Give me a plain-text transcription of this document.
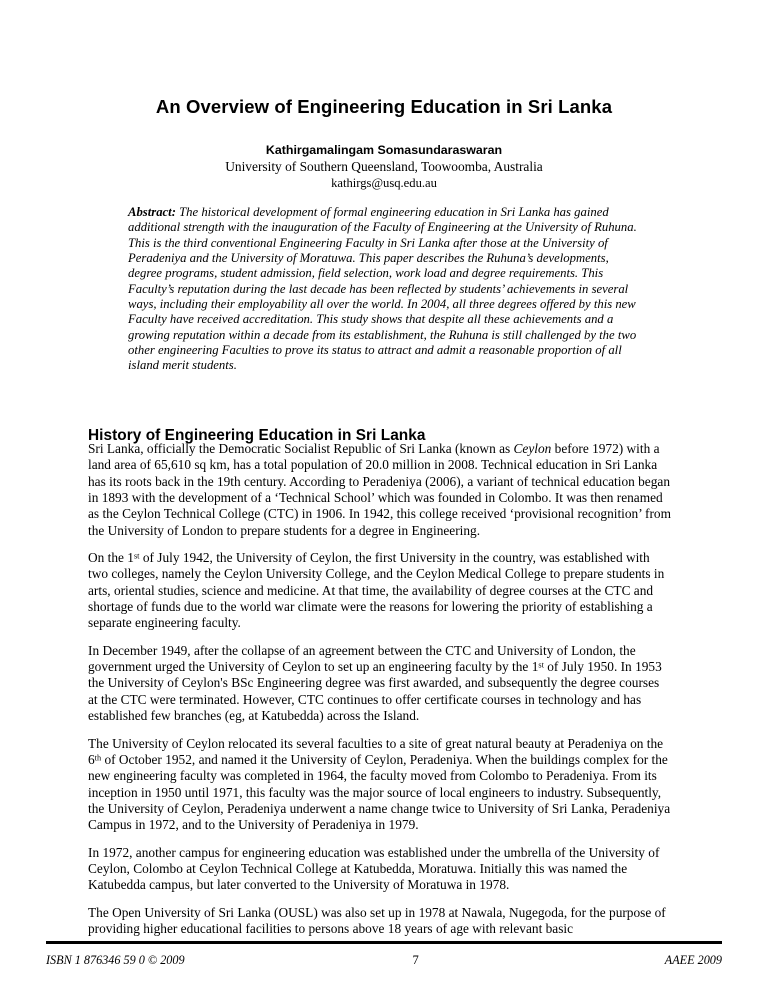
An Overview of Engineering Education in Sri Lanka
Kathirgamalingam Somasundaraswaran
University of Southern Queensland, Toowoomba, Australia
kathirgs@usq.edu.au
Abstract: The historical development of formal engineering education in Sri Lanka has gained additional strength with the inauguration of the Faculty of Engineering at the University of Ruhuna. This is the third conventional Engineering Faculty in Sri Lanka after those at the University of Peradeniya and the University of Moratuwa. This paper describes the Ruhuna’s developments, degree programs, student admission, field selection, work load and degree requirements. This Faculty’s reputation during the last decade has been reflected by students’ achievements in several ways, including their employability all over the world. In 2004, all three degrees offered by this new Faculty have received accreditation. This study shows that despite all these achievements and a growing reputation within a decade from its establishment, the Ruhuna is still challenged by the two other engineering Faculties to prove its status to attract and admit a reasonable proportion of all island merit students.
History of Engineering Education in Sri Lanka

Sri Lanka, officially the Democratic Socialist Republic of Sri Lanka (known as Ceylon before 1972) with a land area of 65,610 sq km, has a total population of 20.0 million in 2008. Technical education in Sri Lanka has its roots back in the 19th century. According to Peradeniya (2006), a variant of technical education began in 1893 with the development of a ‘Technical School’ which was founded in Colombo. It was then renamed as the Ceylon Technical College (CTC) in 1906. In 1942, this college received ‘provisional recognition’ from the University of London to prepare students for a degree in Engineering.

On the 1st of July 1942, the University of Ceylon, the first University in the country, was established with two colleges, namely the Ceylon University College, and the Ceylon Medical College to prepare students in arts, oriental studies, science and medicine. At that time, the availability of degree courses at the CTC and shortage of funds due to the world war climate were the reasons for lowering the priority of establishing a separate engineering faculty.

In December 1949, after the collapse of an agreement between the CTC and University of London, the government urged the University of Ceylon to set up an engineering faculty by the 1st of July 1950. In 1953 the University of Ceylon's BSc Engineering degree was first awarded, and subsequently the degree courses at the CTC were terminated. However, CTC continues to offer certificate courses in technology and has established few branches (eg, at Katubedda) across the Island.

The University of Ceylon relocated its several faculties to a site of great natural beauty at Peradeniya on the 6th of October 1952, and named it the University of Ceylon, Peradeniya. When the buildings complex for the new engineering faculty was completed in 1964, the faculty moved from Colombo to Peradeniya. From its inception in 1950 until 1971, this faculty was the major source of local engineers to industry. Subsequently, the University of Ceylon, Peradeniya underwent a name change twice to University of Sri Lanka, Peradeniya Campus in 1972, and to the University of Peradeniya in 1979.

In 1972, another campus for engineering education was established under the umbrella of the University of Ceylon, Colombo at Ceylon Technical College at Katubedda, Moratuwa. Initially this was named the Katubedda campus, but later converted to the University of Moratuwa in 1978.

The Open University of Sri Lanka (OUSL) was also set up in 1978 at Nawala, Nugegoda, for the purpose of providing higher educational facilities to persons above 18 years of age with relevant basic

ISBN 1 876346 59 0 © 2009	7	AAEE 2009
